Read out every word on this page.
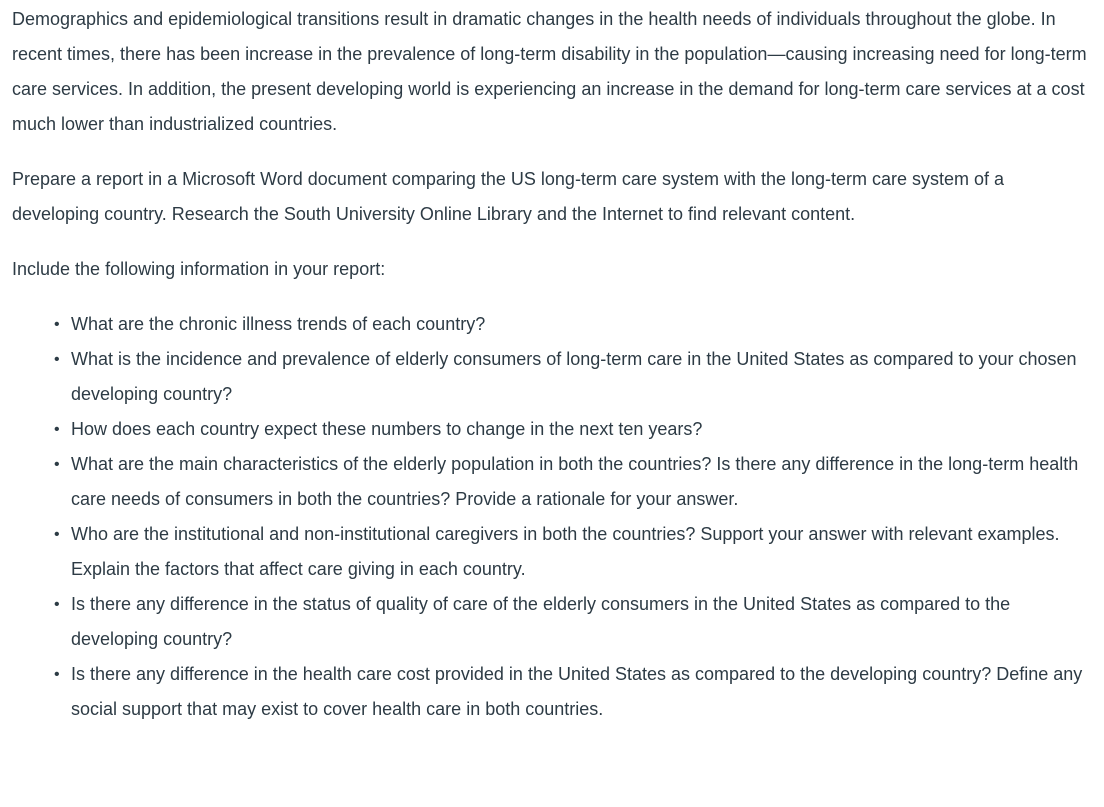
Demographics and epidemiological transitions result in dramatic changes in the health needs of individuals throughout the globe. In recent times, there has been increase in the prevalence of long-term disability in the population—causing increasing need for long-term care services. In addition, the present developing world is experiencing an increase in the demand for long-term care services at a cost much lower than industrialized countries.

Prepare a report in a Microsoft Word document comparing the US long-term care system with the long-term care system of a developing country. Research the South University Online Library and the Internet to find relevant content.

Include the following information in your report:

• What are the chronic illness trends of each country?
• What is the incidence and prevalence of elderly consumers of long-term care in the United States as compared to your chosen developing country?
• How does each country expect these numbers to change in the next ten years?
• What are the main characteristics of the elderly population in both the countries? Is there any difference in the long-term health care needs of consumers in both the countries? Provide a rationale for your answer.
• Who are the institutional and non-institutional caregivers in both the countries? Support your answer with relevant examples. Explain the factors that affect care giving in each country.
• Is there any difference in the status of quality of care of the elderly consumers in the United States as compared to the developing country?
• Is there any difference in the health care cost provided in the United States as compared to the developing country? Define any social support that may exist to cover health care in both countries.
